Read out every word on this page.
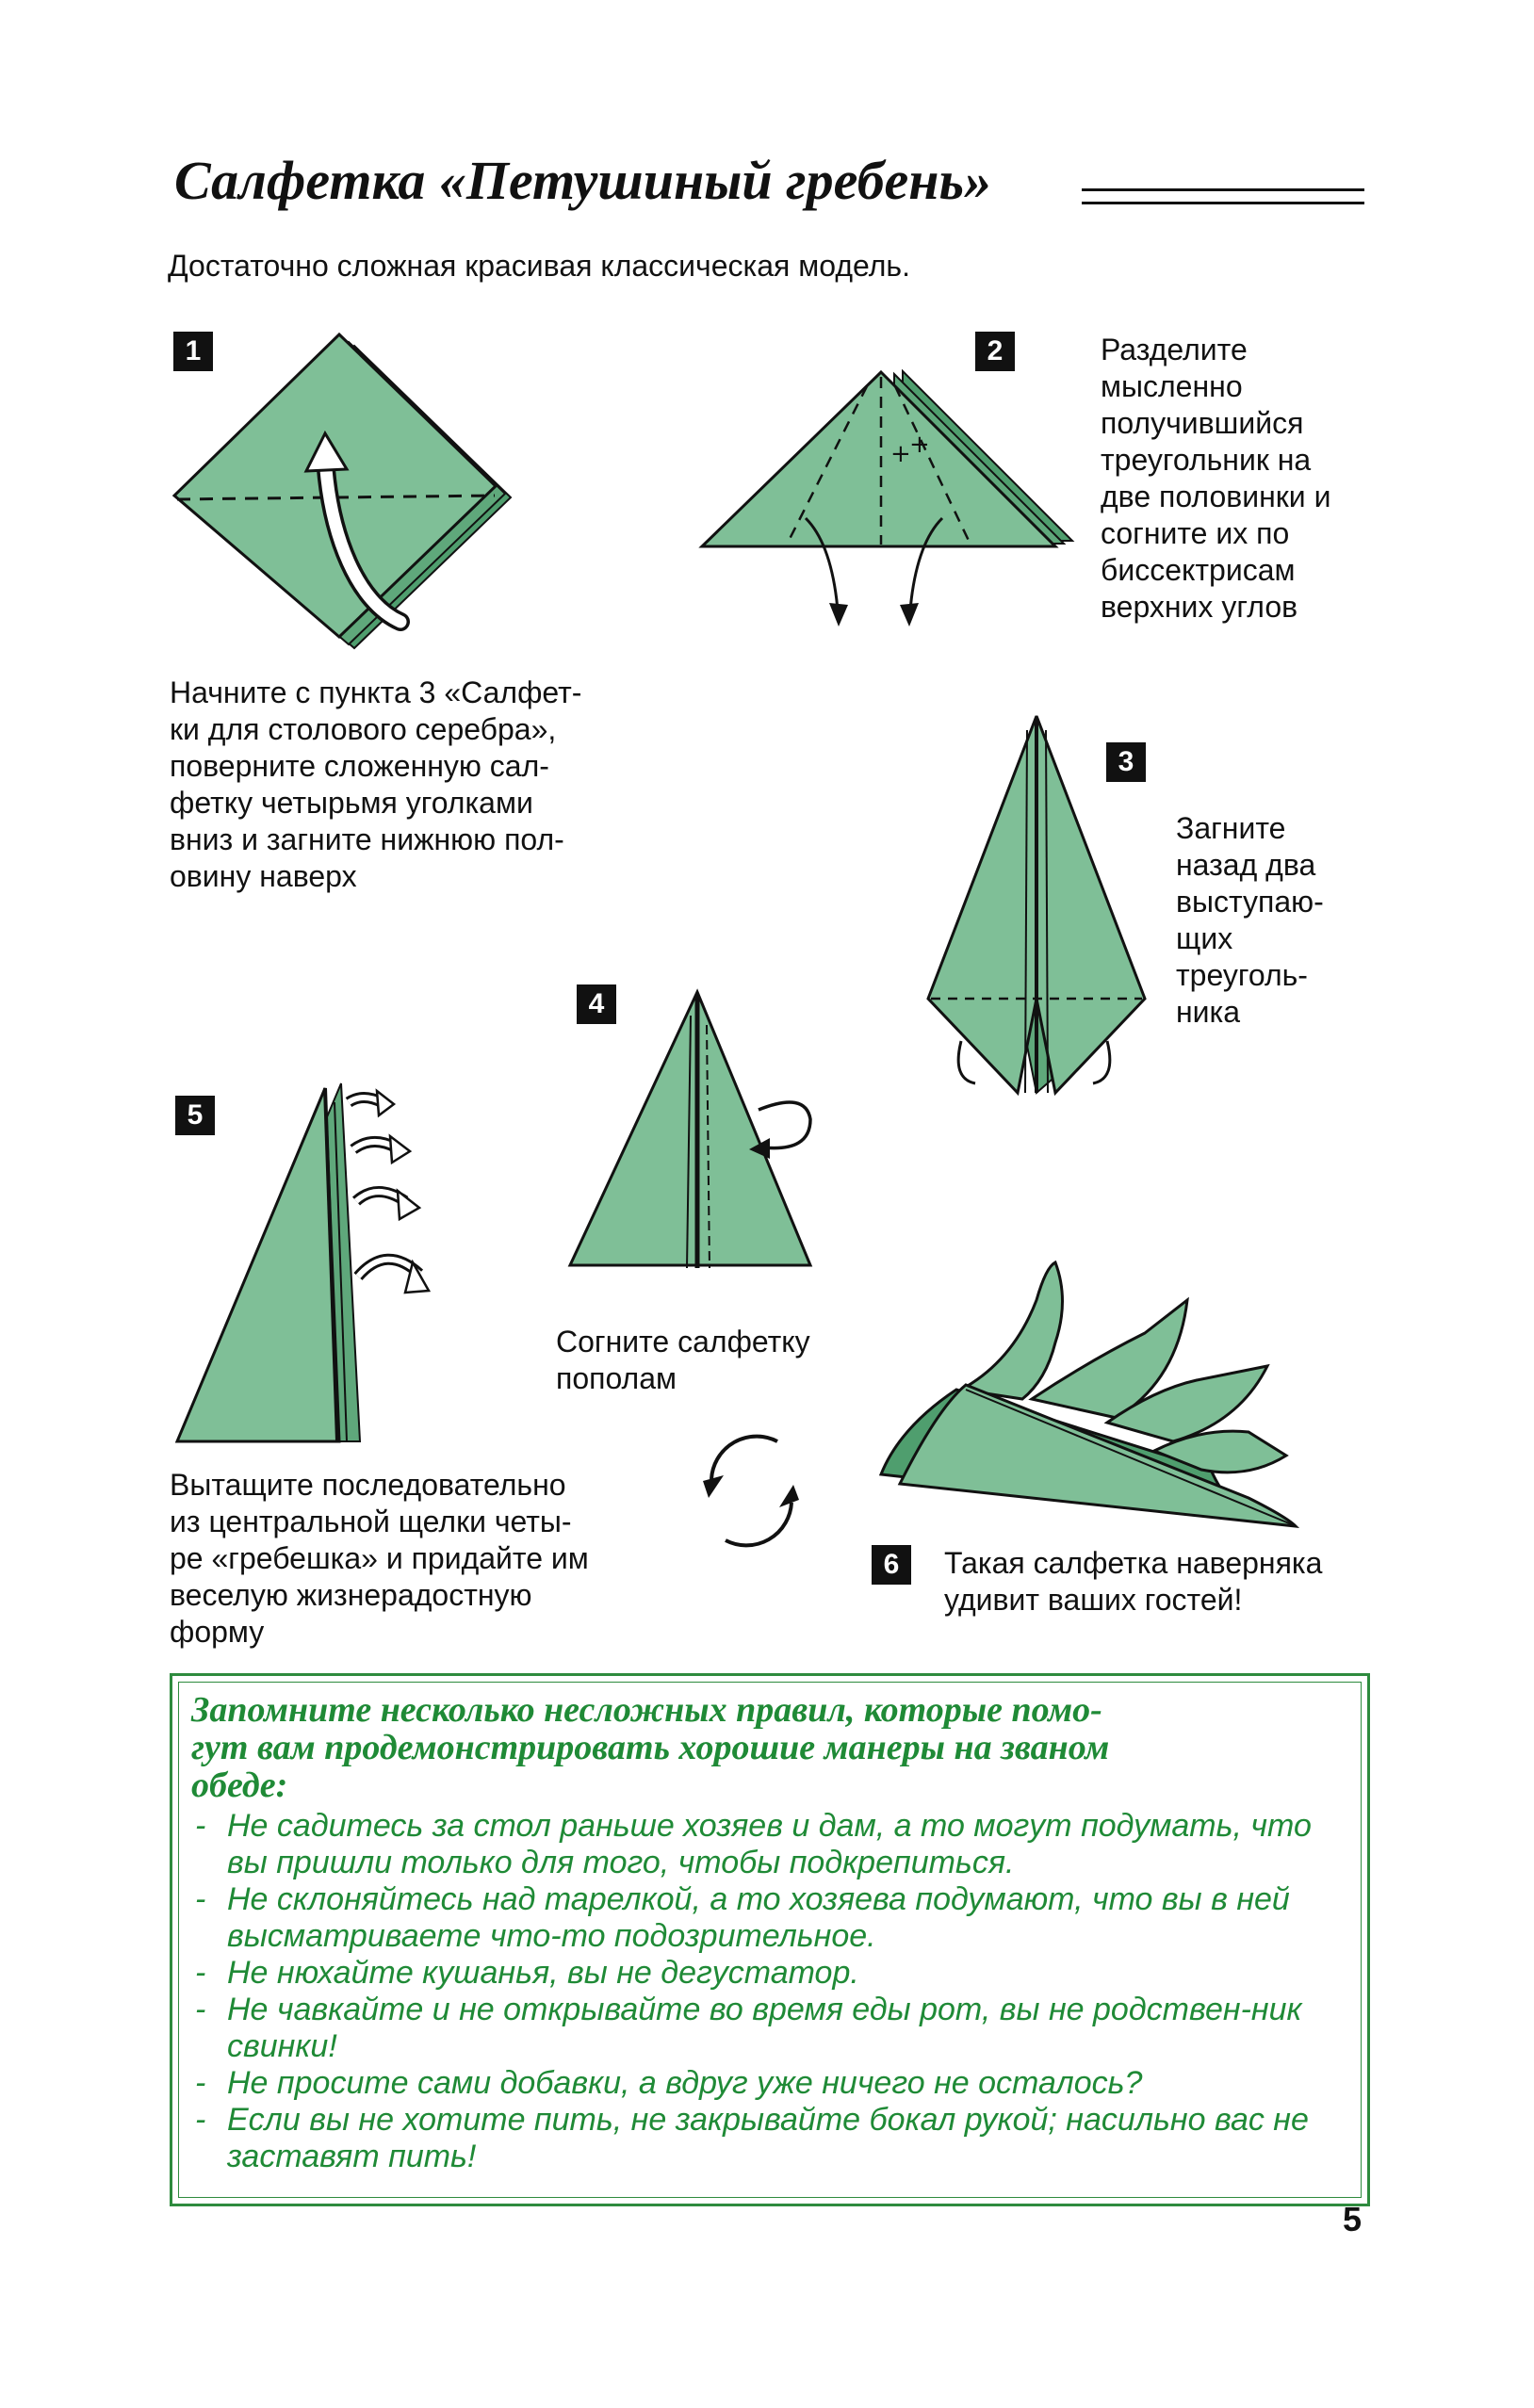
Салфетка «Петушиный гребень»
Достаточно сложная красивая классическая модель.
1
Начните с пункта 3 «Салфет-
ки для столового серебра»,
поверните сложенную сал-
фетку четырьмя уголками
вниз и загните нижнюю пол-
овину наверх
2
+
+
Разделите
мысленно
получившийся
треугольник на
две половинки и
согните их по
биссектрисам
верхних углов
3
Загните
назад два
выступаю-
щих
треуголь-
ника
4
Согните салфетку
пополам
5
Вытащите последовательно
из центральной щелки четы-
ре «гребешка» и придайте им
веселую жизнерадостную
форму
6	Такая салфетка наверняка
удивит ваших гостей!
Запомните несколько несложных правил, которые помо-
гут вам продемонстрировать хорошие манеры на званом
обеде:
- Не садитесь за стол раньше хозяев и дам, а то могут подумать, что вы пришли только для того, чтобы подкрепиться.
- Не склоняйтесь над тарелкой, а то хозяева подумают, что вы в ней высматриваете что-то подозрительное.
- Не нюхайте кушанья, вы не дегустатор.
- Не чавкайте и не открывайте во время еды рот, вы не родствен-ник свинки!
- Не просите сами добавки, а вдруг уже ничего не осталось?
- Если вы не хотите пить, не закрывайте бокал рукой; насильно вас не заставят пить!
5
